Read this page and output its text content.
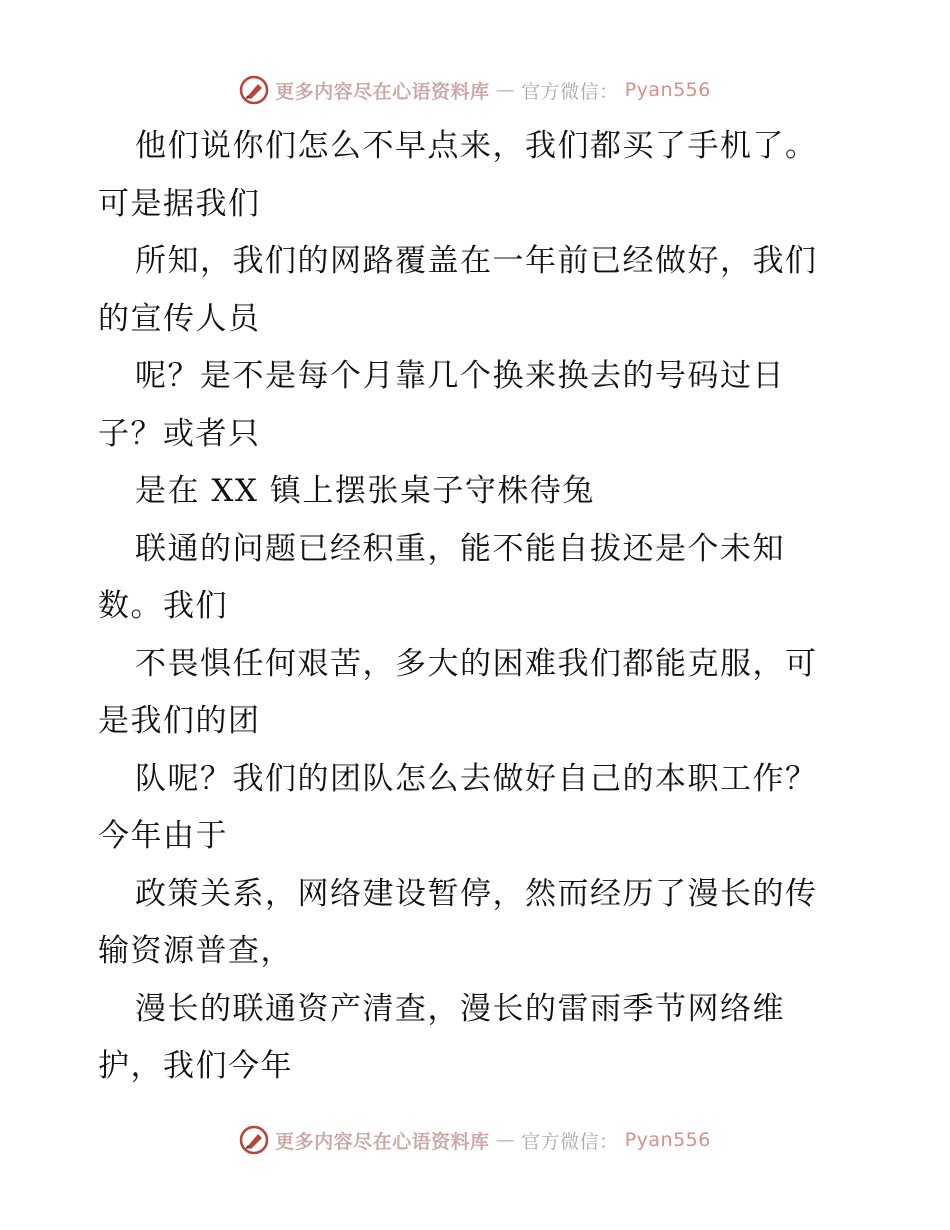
更多内容尽在心语资料库 — 官方微信： Pyan556
他们说你们怎么不早点来，我们都买了手机了。
可是据我们
所知，我们的网路覆盖在一年前已经做好，我们
的宣传人员
呢？是不是每个月靠几个换来换去的号码过日
子？或者只
是在 XX 镇上摆张桌子守株待兔
联通的问题已经积重，能不能自拔还是个未知
数。我们
不畏惧任何艰苦，多大的困难我们都能克服，可
是我们的团
队呢？我们的团队怎么去做好自己的本职工作？
今年由于
政策关系，网络建设暂停，然而经历了漫长的传
输资源普查，
漫长的联通资产清查，漫长的雷雨季节网络维
护，我们今年
更多内容尽在心语资料库 — 官方微信： Pyan556
